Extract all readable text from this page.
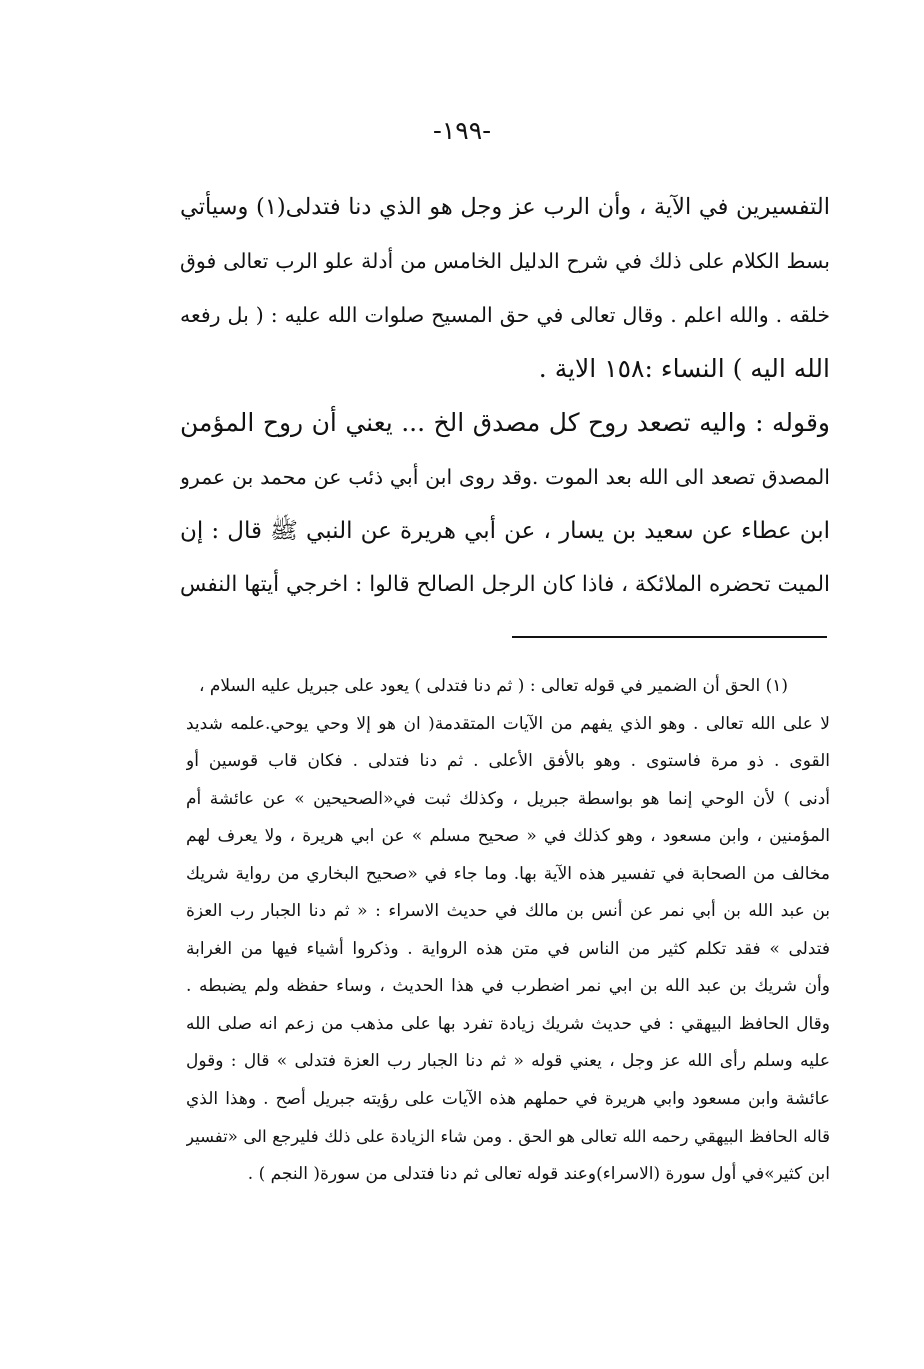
-١٩٩-
التفسيرين في الآية ، وأن الرب عز وجل هو الذي دنا فتدلى(١) وسيأتي
بسط الكلام على ذلك في شرح الدليل الخامس من أدلة علو الرب تعالى فوق
خلقه . والله اعلم . وقال تعالى في حق المسيح صلوات الله عليه : ( بل رفعه
الله اليه ) النساء :١٥٨ الاية .
وقوله : واليه تصعد روح كل مصدق الخ ... يعني أن روح المؤمن
المصدق تصعد الى الله بعد الموت .وقد روى ابن أبي ذئب عن محمد بن عمرو
ابن عطاء عن سعيد بن يسار ، عن أبي هريرة عن النبي ﷺ قال : إن
الميت تحضره الملائكة ، فاذا كان الرجل الصالح قالوا : اخرجي أيتها النفس
(١) الحق أن الضمير في قوله تعالى : ( ثم دنا فتدلى ) يعود على جبريل عليه السلام ،
لا على الله تعالى . وهو الذي يفهم من الآيات المتقدمة( ان هو إلا وحي يوحي.علمه شديد
القوى . ذو مرة فاستوى . وهو بالأفق الأعلى . ثم دنا فتدلى . فكان قاب قوسين أو
أدنى ) لأن الوحي إنما هو بواسطة جبريل ، وكذلك ثبت في«الصحيحين » عن عائشة أم
المؤمنين ، وابن مسعود ، وهو كذلك في « صحيح مسلم » عن ابي هريرة ، ولا يعرف لهم
مخالف من الصحابة في تفسير هذه الآية بها. وما جاء في «صحيح البخاري من رواية شريك
بن عبد الله بن أبي نمر عن أنس بن مالك في حديث الاسراء : « ثم دنا الجبار رب العزة
فتدلى » فقد تكلم كثير من الناس في متن هذه الرواية . وذكروا أشياء فيها من الغرابة
وأن شريك بن عبد الله بن ابي نمر اضطرب في هذا الحديث ، وساء حفظه ولم يضبطه .
وقال الحافظ البيهقي : في حديث شريك زيادة تفرد بها على مذهب من زعم انه صلى الله
عليه وسلم رأى الله عز وجل ، يعني قوله « ثم دنا الجبار رب العزة فتدلى » قال : وقول
عائشة وابن مسعود وابي هريرة في حملهم هذه الآيات على رؤيته جبريل أصح . وهذا الذي
قاله الحافظ البيهقي رحمه الله تعالى هو الحق . ومن شاء الزيادة على ذلك فليرجع الى «تفسير
ابن كثير»في أول سورة (الاسراء)وعند قوله تعالى ثم دنا فتدلى من سورة( النجم ) .
